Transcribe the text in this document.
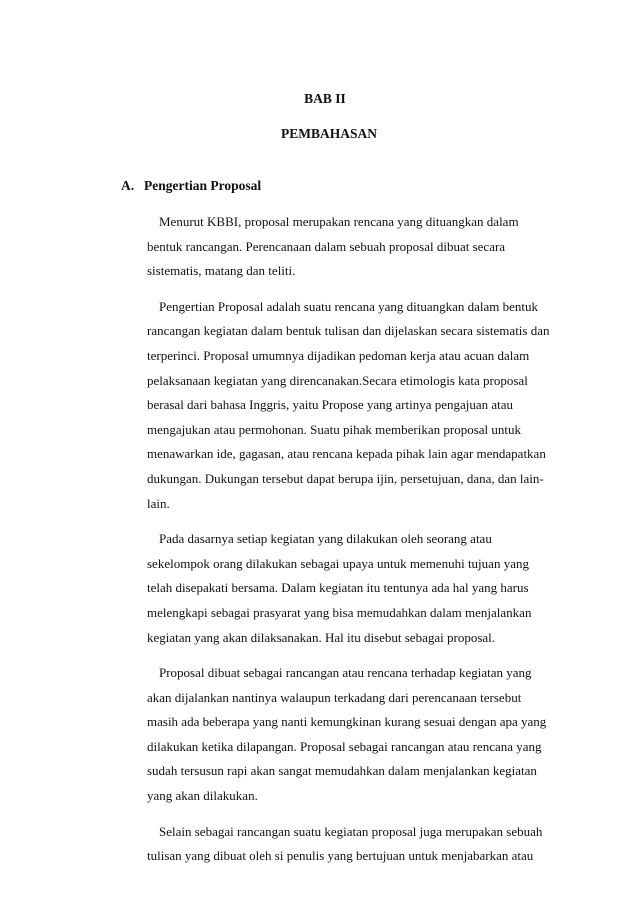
BAB II
PEMBAHASAN
A. Pengertian Proposal
Menurut KBBI, proposal merupakan rencana yang dituangkan dalam
bentuk rancangan. Perencanaan dalam sebuah proposal dibuat secara
sistematis, matang dan teliti.
Pengertian Proposal adalah suatu rencana yang dituangkan dalam bentuk
rancangan kegiatan dalam bentuk tulisan dan dijelaskan secara sistematis dan
terperinci. Proposal umumnya dijadikan pedoman kerja atau acuan dalam
pelaksanaan kegiatan yang direncanakan.Secara etimologis kata proposal
berasal dari bahasa Inggris, yaitu Propose yang artinya pengajuan atau
mengajukan atau permohonan. Suatu pihak memberikan proposal untuk
menawarkan ide, gagasan, atau rencana kepada pihak lain agar mendapatkan
dukungan. Dukungan tersebut dapat berupa ijin, persetujuan, dana, dan lain-
lain.
Pada dasarnya setiap kegiatan yang dilakukan oleh seorang atau
sekelompok orang dilakukan sebagai upaya untuk memenuhi tujuan yang
telah disepakati bersama. Dalam kegiatan itu tentunya ada hal yang harus
melengkapi sebagai prasyarat yang bisa memudahkan dalam menjalankan
kegiatan yang akan dilaksanakan. Hal itu disebut sebagai proposal.
Proposal dibuat sebagai rancangan atau rencana terhadap kegiatan yang
akan dijalankan nantinya walaupun terkadang dari perencanaan tersebut
masih ada beberapa yang nanti kemungkinan kurang sesuai dengan apa yang
dilakukan ketika dilapangan. Proposal sebagai rancangan atau rencana yang
sudah tersusun rapi akan sangat memudahkan dalam menjalankan kegiatan
yang akan dilakukan.
Selain sebagai rancangan suatu kegiatan proposal juga merupakan sebuah
tulisan yang dibuat oleh si penulis yang bertujuan untuk menjabarkan atau
